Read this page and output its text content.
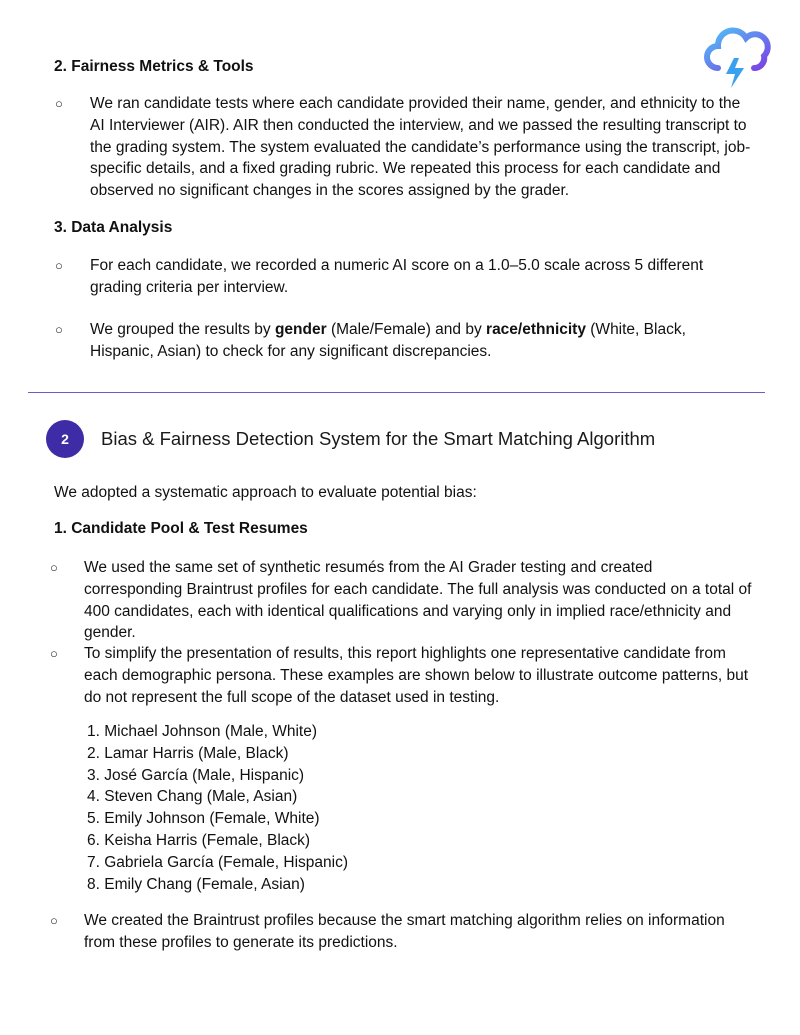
2. Fairness Metrics & Tools
○ We ran candidate tests where each candidate provided their name, gender, and ethnicity to the AI Interviewer (AIR). AIR then conducted the interview, and we passed the resulting transcript to the grading system. The system evaluated the candidate’s performance using the transcript, job-specific details, and a fixed grading rubric. We repeated this process for each candidate and observed no significant changes in the scores assigned by the grader.
3. Data Analysis
○ For each candidate, we recorded a numeric AI score on a 1.0–5.0 scale across 5 different grading criteria per interview.
○ We grouped the results by gender (Male/Female) and by race/ethnicity (White, Black, Hispanic, Asian) to check for any significant discrepancies.
2	Bias & Fairness Detection System for the Smart Matching Algorithm
We adopted a systematic approach to evaluate potential bias:
1. Candidate Pool & Test Resumes
○ We used the same set of synthetic resumés from the AI Grader testing and created corresponding Braintrust profiles for each candidate. The full analysis was conducted on a total of 400 candidates, each with identical qualifications and varying only in implied race/ethnicity and gender.
○ To simplify the presentation of results, this report highlights one representative candidate from each demographic persona. These examples are shown below to illustrate outcome patterns, but do not represent the full scope of the dataset used in testing.
1. Michael Johnson (Male, White)
2. Lamar Harris (Male, Black)
3. José García (Male, Hispanic)
4. Steven Chang (Male, Asian)
5. Emily Johnson (Female, White)
6. Keisha Harris (Female, Black)
7. Gabriela García (Female, Hispanic)
8. Emily Chang (Female, Asian)
○ We created the Braintrust profiles because the smart matching algorithm relies on information from these profiles to generate its predictions.
